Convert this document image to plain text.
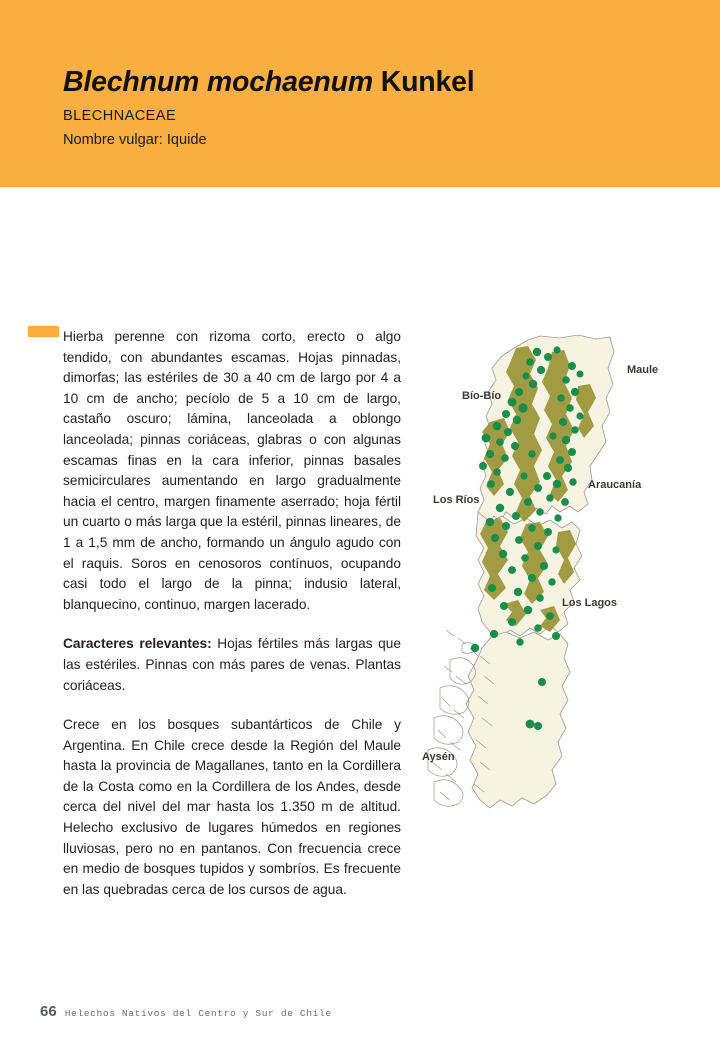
Blechnum mochaenum Kunkel
BLECHNACEAE
Nombre vulgar: Iquide

Hierba perenne con rizoma corto, erecto o algo tendido, con abundantes escamas. Hojas pinnadas, dimorfas; las estériles de 30 a 40 cm de largo por 4 a 10 cm de ancho; pecíolo de 5 a 10 cm de largo, castaño oscuro; lámina, lanceolada a oblongo lanceolada; pinnas coriáceas, glabras o con algunas escamas finas en la cara inferior, pinnas basales semicirculares aumentando en largo gradualmente hacia el centro, margen finamente aserrado; hoja fértil un cuarto o más larga que la estéril, pinnas lineares, de 1 a 1,5 mm de ancho, formando un ángulo agudo con el raquis. Soros en cenosoros contínuos, ocupando casi todo el largo de la pinna; indusio lateral, blanquecino, continuo, margen lacerado.

Caracteres relevantes: Hojas fértiles más largas que las estériles. Pinnas con más pares de venas. Plantas coriáceas.

Crece en los bosques subantárticos de Chile y Argentina. En Chile crece desde la Región del Maule hasta la provincia de Magallanes, tanto en la Cordillera de la Costa como en la Cordillera de los Andes, desde cerca del nivel del mar hasta los 1.350 m de altitud. Helecho exclusivo de lugares húmedos en regiones lluviosas, pero no en pantanos. Con frecuencia crece en medio de bosques tupidos y sombríos. Es frecuente en las quebradas cerca de los cursos de agua.

Maule
Bío-Bío
Los Ríos
Araucanía
Los Lagos
Aysén
66 Helechos Nativos del Centro y Sur de Chile
